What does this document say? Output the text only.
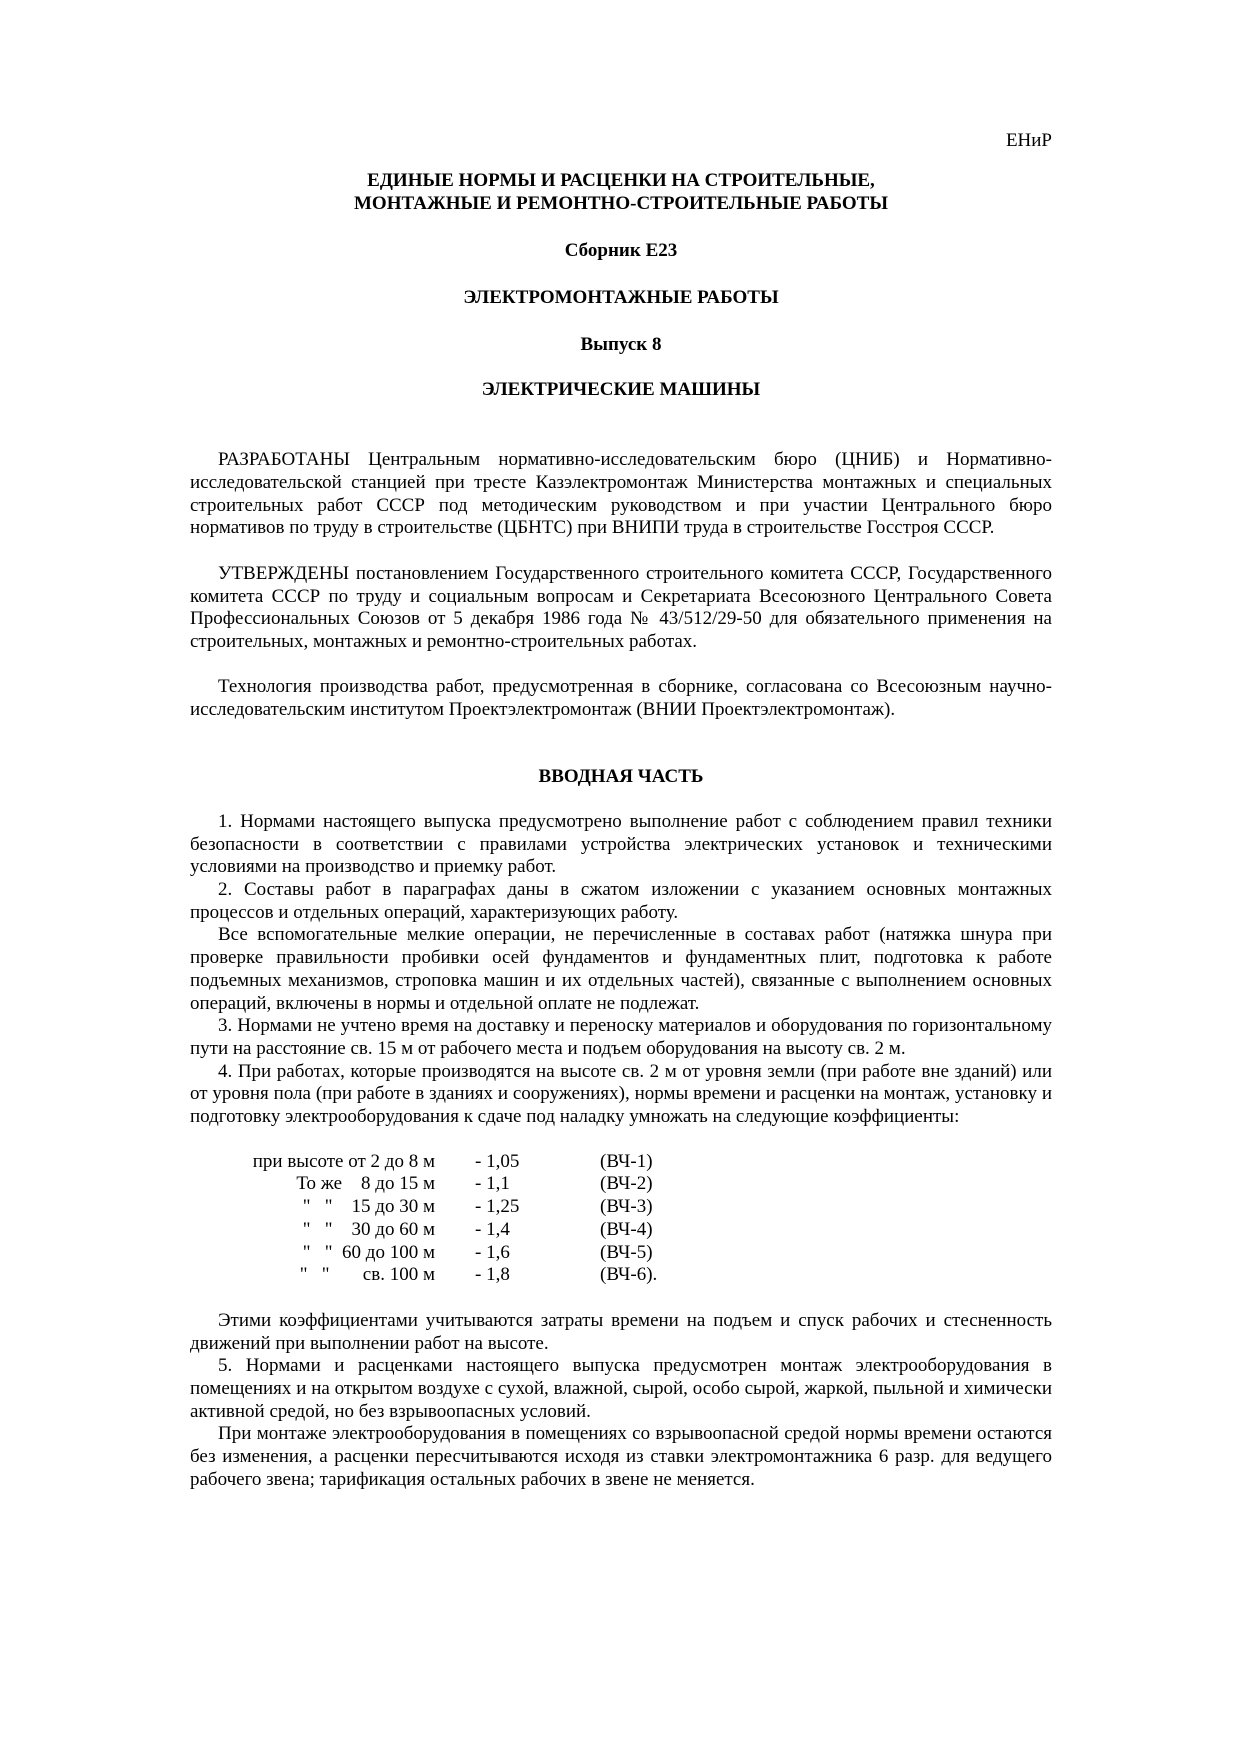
ЕНиР

ЕДИНЫЕ НОРМЫ И РАСЦЕНКИ НА СТРОИТЕЛЬНЫЕ,
МОНТАЖНЫЕ И РЕМОНТНО-СТРОИТЕЛЬНЫЕ РАБОТЫ

Сборник Е23

ЭЛЕКТРОМОНТАЖНЫЕ РАБОТЫ

Выпуск 8

ЭЛЕКТРИЧЕСКИЕ МАШИНЫ

РАЗРАБОТАНЫ Центральным нормативно-исследовательским бюро (ЦНИБ) и Нормативно-исследовательской станцией при тресте Казэлектромонтаж Министерства монтажных и специальных строительных работ СССР под методическим руководством и при участии Центрального бюро нормативов по труду в строительстве (ЦБНТС) при ВНИПИ труда в строительстве Госстроя СССР.

УТВЕРЖДЕНЫ постановлением Государственного строительного комитета СССР, Государственного комитета СССР по труду и социальным вопросам и Секретариата Всесоюзного Центрального Совета Профессиональных Союзов от 5 декабря 1986 года № 43/512/29-50 для обязательного применения на строительных, монтажных и ремонтно-строительных работах.

Технология производства работ, предусмотренная в сборнике, согласована со Всесоюзным научно-исследовательским институтом Проектэлектромонтаж (ВНИИ Проектэлектромонтаж).

ВВОДНАЯ ЧАСТЬ

1. Нормами настоящего выпуска предусмотрено выполнение работ с соблюдением правил техники безопасности в соответствии с правилами устройства электрических установок и техническими условиями на производство и приемку работ.

2. Составы работ в параграфах даны в сжатом изложении с указанием основных монтажных процессов и отдельных операций, характеризующих работу.

Все вспомогательные мелкие операции, не перечисленные в составах работ (натяжка шнура при проверке правильности пробивки осей фундаментов и фундаментных плит, подготовка к работе подъемных механизмов, строповка машин и их отдельных частей), связанные с выполнением основных операций, включены в нормы и отдельной оплате не подлежат.

3. Нормами не учтено время на доставку и переноску материалов и оборудования по горизонтальному пути на расстояние св. 15 м от рабочего места и подъем оборудования на высоту св. 2 м.

4. При работах, которые производятся на высоте св. 2 м от уровня земли (при работе вне зданий) или от уровня пола (при работе в зданиях и сооружениях), нормы времени и расценки на монтаж, установку и подготовку электрооборудования к сдаче под наладку умножать на следующие коэффициенты:

при высоте от 2 до 8 м - 1,05	(ВЧ-1)
То же    8 до 15 м - 1,1	(ВЧ-2)
"   "    15 до 30 м - 1,25	(ВЧ-3)
"   "    30 до 60 м - 1,4	(ВЧ-4)
"   "  60 до 100 м - 1,6	(ВЧ-5)
"   "       св. 100 м - 1,8	(ВЧ-6).

Этими коэффициентами учитываются затраты времени на подъем и спуск рабочих и стесненность движений при выполнении работ на высоте.

5. Нормами и расценками настоящего выпуска предусмотрен монтаж электрооборудования в помещениях и на открытом воздухе с сухой, влажной, сырой, особо сырой, жаркой, пыльной и химически активной средой, но без взрывоопасных условий.

При монтаже электрооборудования в помещениях со взрывоопасной средой нормы времени остаются без изменения, а расценки пересчитываются исходя из ставки электромонтажника 6 разр. для ведущего рабочего звена; тарификация остальных рабочих в звене не меняется.
